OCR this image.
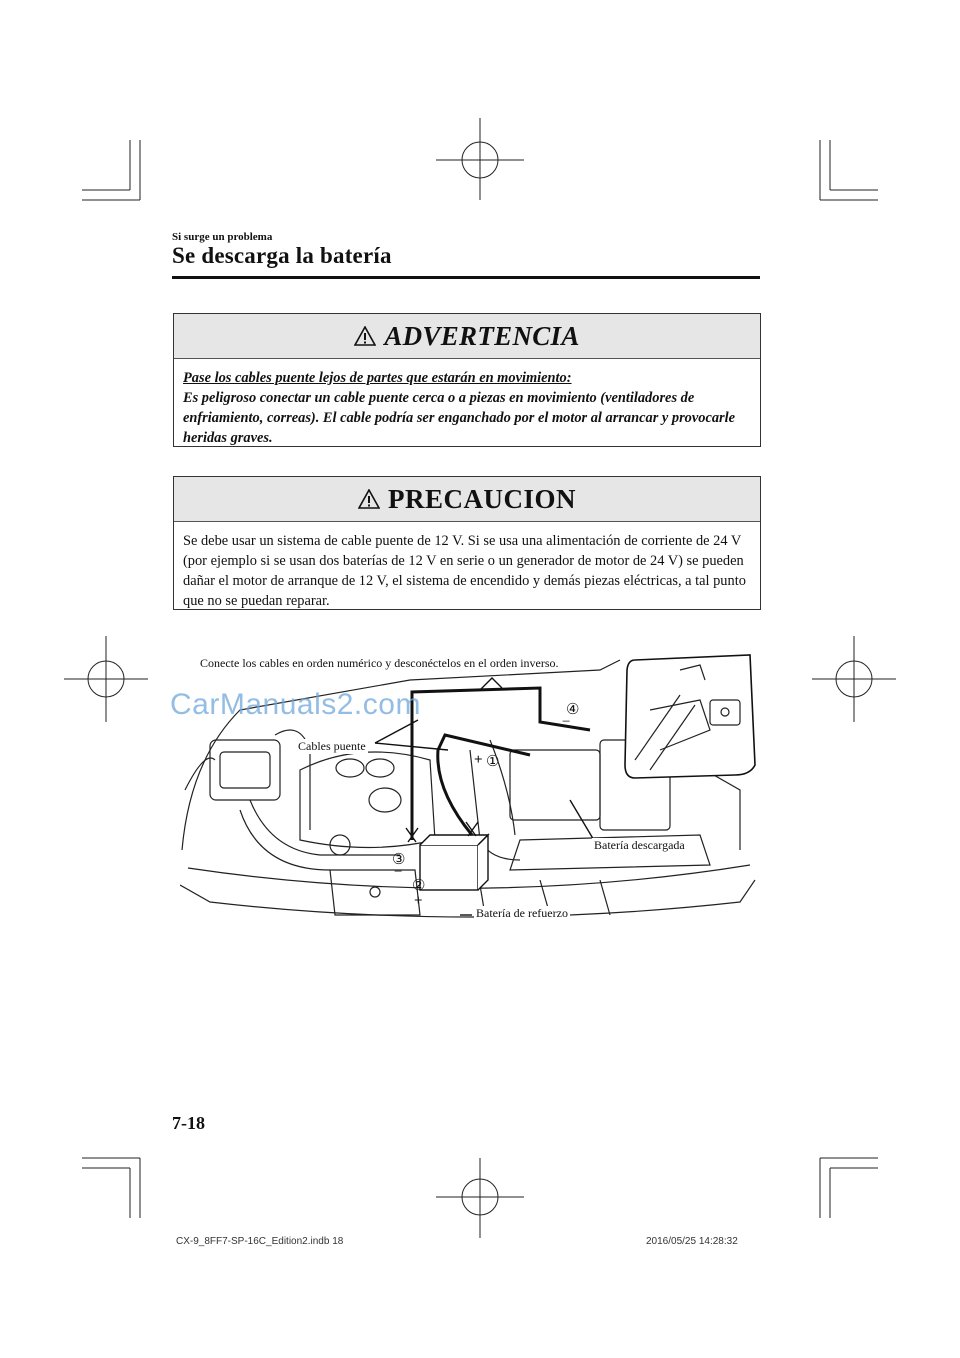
Si surge un problema
Se descarga la batería
ADVERTENCIA
Pase los cables puente lejos de partes que estarán en movimiento:
Es peligroso conectar un cable puente cerca o a piezas en movimiento (ventiladores de enfriamiento, correas). El cable podría ser enganchado por el motor al arrancar y provocarle heridas graves.
PRECAUCION
Se debe usar un sistema de cable puente de 12 V. Si se usa una alimentación de corriente de 24 V (por ejemplo si se usan dos baterías de 12 V en serie o un generador de motor de 24 V) se pueden dañar el motor de arranque de 12 V, el sistema de encendido y demás piezas eléctricas, a tal punto que no se puedan reparar.
Conecte los cables en orden numérico y desconéctelos en el orden inverso.
Cables puente
Batería descargada
Batería de refuerzo
①
+
②
+
③
−
④
−
CarManuals2.com
7-18
CX-9_8FF7-SP-16C_Edition2.indb 18	2016/05/25 14:28:32
